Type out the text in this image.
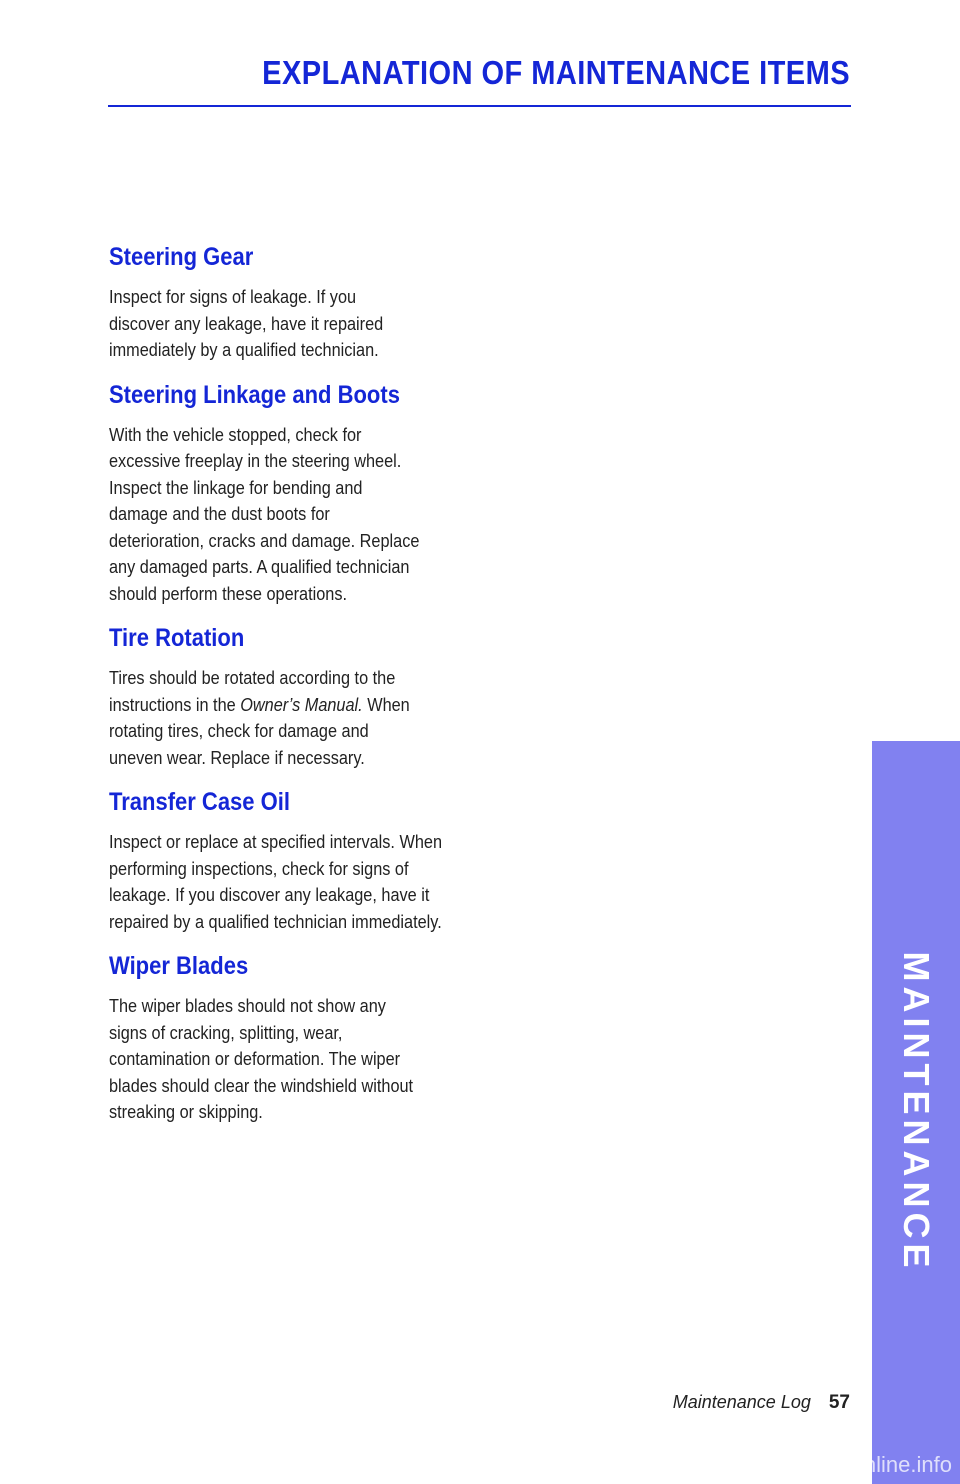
EXPLANATION OF MAINTENANCE ITEMS
Steering Gear

Inspect for signs of leakage. If you
discover any leakage, have it repaired
immediately by a qualified technician.

Steering Linkage and Boots

With the vehicle stopped, check for
excessive freeplay in the steering wheel.
Inspect the linkage for bending and
damage and the dust boots for
deterioration, cracks and damage. Replace
any damaged parts. A qualified technician
should perform these operations.

Tire Rotation

Tires should be rotated according to the
instructions in the Owner’s Manual. When
rotating tires, check for damage and
uneven wear. Replace if necessary.

Transfer Case Oil

Inspect or replace at specified intervals. When
performing inspections, check for signs of
leakage. If you discover any leakage, have it
repaired by a qualified technician immediately.

Wiper Blades

The wiper blades should not show any
signs of cracking, splitting, wear,
contamination or deformation. The wiper
blades should clear the windshield without
streaking or skipping.	MAINTENANCE
Maintenance Log 57
carmanualsonline.info
